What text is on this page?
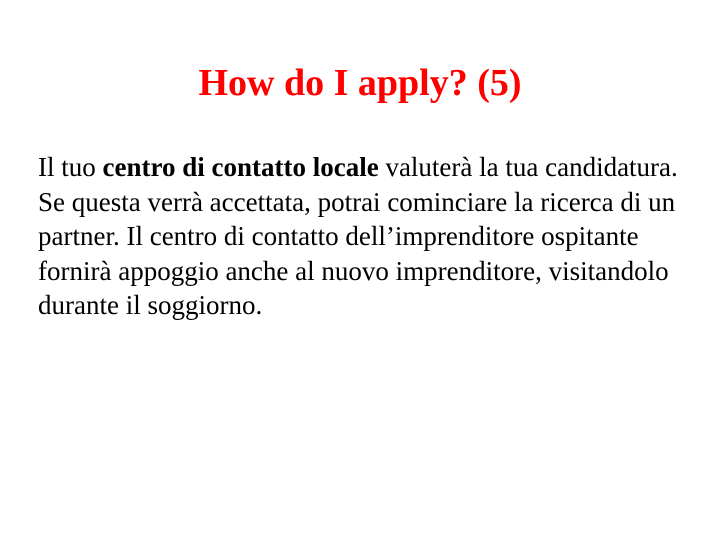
How do I apply? (5)

Il tuo centro di contatto locale valuterà la tua candidatura. Se questa verrà accettata, potrai cominciare la ricerca di un partner. Il centro di contatto dell’imprenditore ospitante fornirà appoggio anche al nuovo imprenditore, visitandolo durante il soggiorno.
